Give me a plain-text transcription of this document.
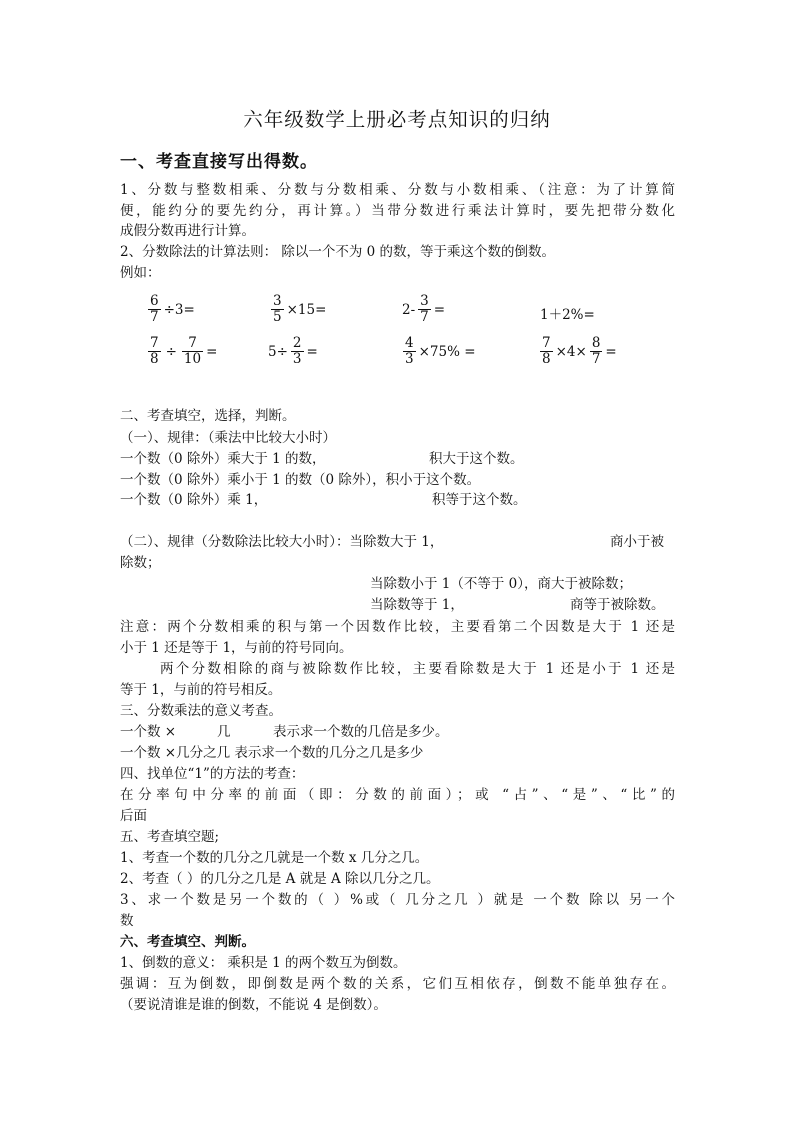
六年级数学上册必考点知识的归纳
一、考查直接写出得数。
1、分数与整数相乘、分数与分数相乘、分数与小数相乘、（注意：为了计算简
便，能约分的要先约分，再计算。）当带分数进行乘法计算时，要先把带分数化
成假分数再进行计算。
2、分数除法的计算法则： 除以一个不为 0 的数，等于乘这个数的倒数。
例如：
$\frac{6}{7} \div 3=$	$\frac{3}{5} \times 15=$	$2- \frac{3}{7}$ =	1＋2%=
$\frac{7}{8} \div \frac{7}{10}$ =	$5\div \frac{2}{3}$ =	$\frac{4}{3} \times 75\%$ =	$\frac{7}{8} \times 4\times \frac{8}{7}$ =
二、考查填空，选择，判断。
（一）、规律：（乘法中比较大小时）
一个数（0 除外）乘大于 1 的数，	积大于这个数。
一个数（0 除外）乘小于 1 的数（0 除外），积小于这个数。
一个数（0 除外）乘 1，	积等于这个数。
（二）、规律（分数除法比较大小时）：当除数大于 1，	商小于被
除数；
当除数小于 1（不等于 0），商大于被除数；
当除数等于 1，	商等于被除数。
注意：两个分数相乘的积与第一个因数作比较，主要看第二个因数是大于 1 还是
小于 1 还是等于 1，与前的符号同向。
两个分数相除的商与被除数作比较，主要看除数是大于 1 还是小于 1 还是
等于 1，与前的符号相反。
三、分数乘法的意义考查。
一个数 ×	几	表示求一个数的几倍是多少。
一个数 ×几分之几 表示求一个数的几分之几是多少
四、找单位“1”的方法的考查：
在分率句中分率的前面（即：分数的前面）；或 “占”、“是”、“比”的
后面
五、考查填空题;
1、考查一个数的几分之几就是一个数 x 几分之几。
2、考查（ ）的几分之几是 A 就是 A 除以几分之几。
3、求一个数是另一个数的（ ）%或（ 几分之几 ）就是 一个数 除以 另一个
数
六、考查填空、判断。
1、倒数的意义： 乘积是 1 的两个数互为倒数。
强调：互为倒数，即倒数是两个数的关系，它们互相依存，倒数不能单独存在。
（要说清谁是谁的倒数，不能说 4 是倒数）。
